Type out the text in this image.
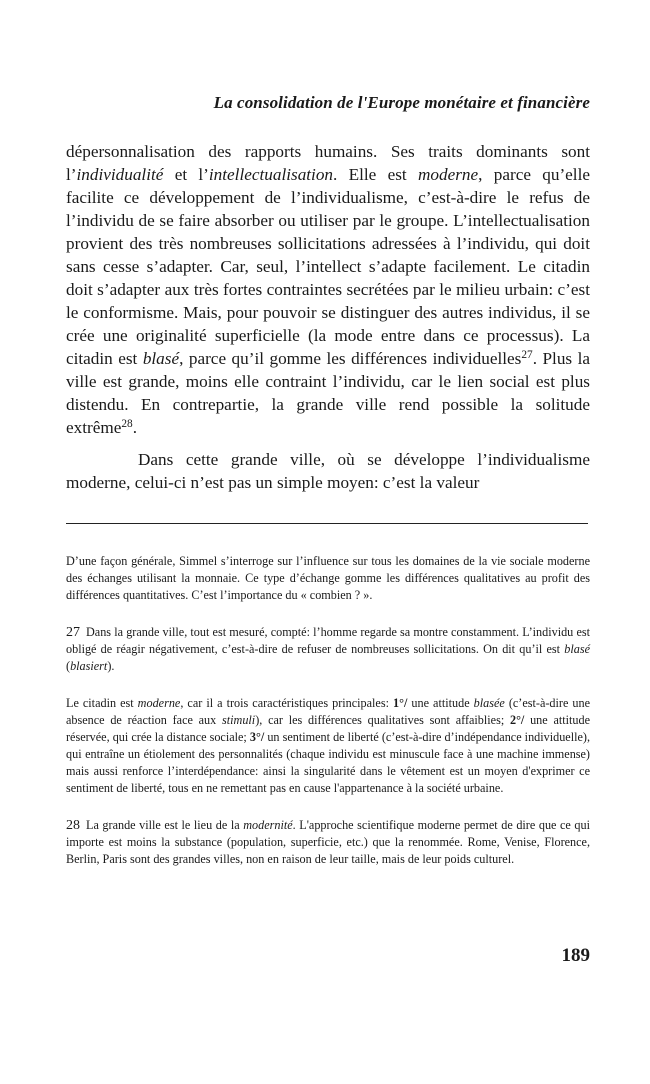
La consolidation de l'Europe monétaire et financière

dépersonnalisation des rapports humains. Ses traits dominants sont l’individualité et l’intellectualisation. Elle est moderne, parce qu’elle facilite ce développement de l’individualisme, c’est-à-dire le refus de l’individu de se faire absorber ou utiliser par le groupe. L’intellectualisation provient des très nombreuses sollicitations adressées à l’individu, qui doit sans cesse s’adapter. Car, seul, l’intellect s’adapte facilement. Le citadin doit s’adapter aux très fortes contraintes secrétées par le milieu urbain: c’est le conformisme. Mais, pour pouvoir se distinguer des autres individus, il se crée une originalité superficielle (la mode entre dans ce processus). La citadin est blasé, parce qu’il gomme les différences individuelles$^{27}$. Plus la ville est grande, moins elle contraint l’individu, car le lien social est plus distendu. En contrepartie, la grande ville rend possible la solitude extrême$^{28}$.

Dans cette grande ville, où se développe l’individualisme moderne, celui-ci n’est pas un simple moyen: c’est la valeur

D’une façon générale, Simmel s’interroge sur l’influence sur tous les domaines de la vie sociale moderne des échanges utilisant la monnaie. Ce type d’échange gomme les différences qualitatives au profit des différences quantitatives. C’est l’importance du « combien ? ».

27 Dans la grande ville, tout est mesuré, compté: l’homme regarde sa montre constamment. L’individu est obligé de réagir négativement, c’est-à-dire de refuser de nombreuses sollicitations. On dit qu’il est blasé (blasiert).

Le citadin est moderne, car il a trois caractéristiques principales: 1°/ une attitude blasée (c’est-à-dire une absence de réaction face aux stimuli), car les différences qualitatives sont affaiblies; 2°/ une attitude réservée, qui crée la distance sociale; 3°/ un sentiment de liberté (c’est-à-dire d’indépendance individuelle), qui entraîne un étiolement des personnalités (chaque individu est minuscule face à une machine immense) mais aussi renforce l’interdépendance: ainsi la singularité dans le vêtement est un moyen d'exprimer ce sentiment de liberté, tous en ne remettant pas en cause l'appartenance à la société urbaine.

28 La grande ville est le lieu de la modernité. L'approche scientifique moderne permet de dire que ce qui importe est moins la substance (population, superficie, etc.) que la renommée. Rome, Venise, Florence, Berlin, Paris sont des grandes villes, non en raison de leur taille, mais de leur poids culturel.

189
